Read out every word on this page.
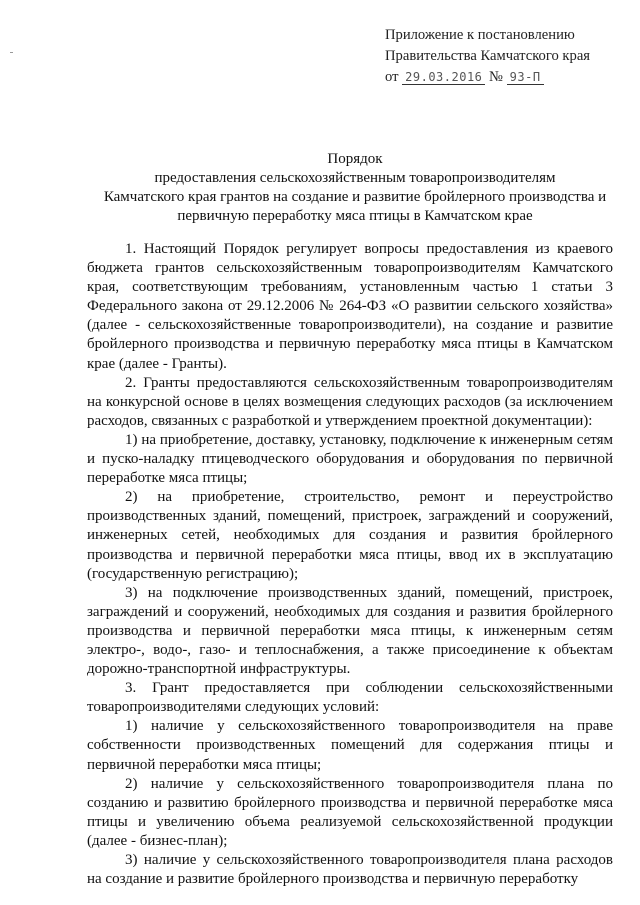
Приложение к постановлению
Правительства Камчатского края
от 29.03.2016 № 93-П
Порядок
предоставления сельскохозяйственным товаропроизводителям
Камчатского края грантов на создание и развитие бройлерного производства и
первичную переработку мяса птицы в Камчатском крае

1. Настоящий Порядок регулирует вопросы предоставления из краевого бюджета грантов сельскохозяйственным товаропроизводителям Камчатского края, соответствующим требованиям, установленным частью 1 статьи 3 Федерального закона от 29.12.2006 № 264-ФЗ «О развитии сельского хозяйства» (далее - сельскохозяйственные товаропроизводители), на создание и развитие бройлерного производства и первичную переработку мяса птицы в Камчатском крае (далее - Гранты).

2. Гранты предоставляются сельскохозяйственным товаропроизводителям на конкурсной основе в целях возмещения следующих расходов (за исключением расходов, связанных с разработкой и утверждением проектной документации):

1) на приобретение, доставку, установку, подключение к инженерным сетям и пуско-наладку птицеводческого оборудования и оборудования по первичной переработке мяса птицы;

2) на приобретение, строительство, ремонт и переустройство производственных зданий, помещений, пристроек, заграждений и сооружений, инженерных сетей, необходимых для создания и развития бройлерного производства и первичной переработки мяса птицы, ввод их в эксплуатацию (государственную регистрацию);

3) на подключение производственных зданий, помещений, пристроек, заграждений и сооружений, необходимых для создания и развития бройлерного производства и первичной переработки мяса птицы, к инженерным сетям электро-, водо-, газо- и теплоснабжения, а также присоединение к объектам дорожно-транспортной инфраструктуры.

3. Грант предоставляется при соблюдении сельскохозяйственными товаропроизводителями следующих условий:

1) наличие у сельскохозяйственного товаропроизводителя на праве собственности производственных помещений для содержания птицы и первичной переработки мяса птицы;

2) наличие у сельскохозяйственного товаропроизводителя плана по созданию и развитию бройлерного производства и первичной переработке мяса птицы и увеличению объема реализуемой сельскохозяйственной продукции (далее - бизнес-план);

3) наличие у сельскохозяйственного товаропроизводителя плана расходов на создание и развитие бройлерного производства и первичную переработку
